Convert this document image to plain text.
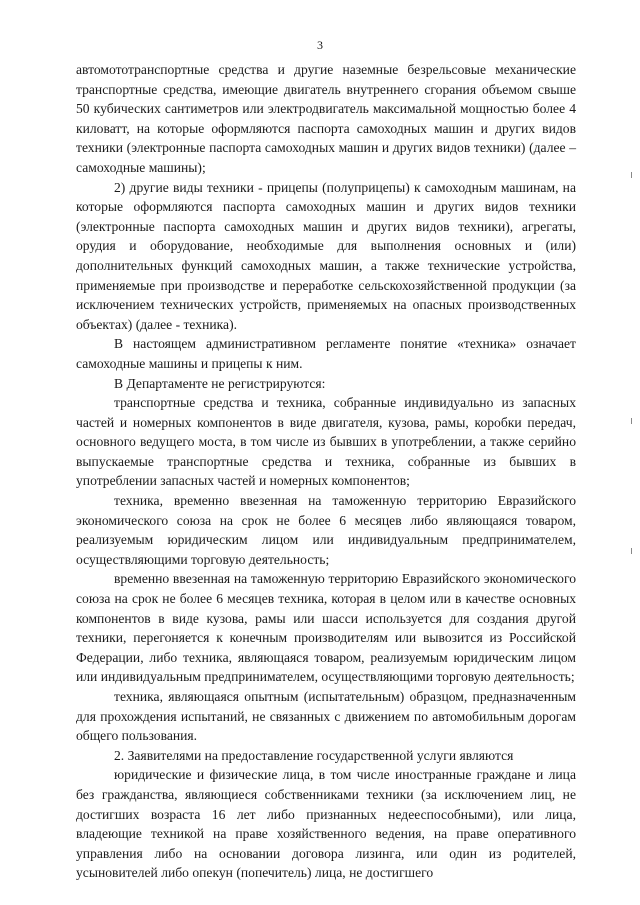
3

автомототранспортные средства и другие наземные безрельсовые механические транспортные средства, имеющие двигатель внутреннего сгорания объемом свыше 50 кубических сантиметров или электродвигатель максимальной мощностью более 4 киловатт, на которые оформляются паспорта самоходных машин и других видов техники (электронные паспорта самоходных машин и других видов техники) (далее – самоходные машины);

2) другие виды техники - прицепы (полуприцепы) к самоходным машинам, на которые оформляются паспорта самоходных машин и других видов техники (электронные паспорта самоходных машин и других видов техники), агрегаты, орудия и оборудование, необходимые для выполнения основных и (или) дополнительных функций самоходных машин, а также технические устройства, применяемые при производстве и переработке сельскохозяйственной продукции (за исключением технических устройств, применяемых на опасных производственных объектах) (далее - техника).

В настоящем административном регламенте понятие «техника» означает самоходные машины и прицепы к ним.

В Департаменте не регистрируются:

транспортные средства и техника, собранные индивидуально из запасных частей и номерных компонентов в виде двигателя, кузова, рамы, коробки передач, основного ведущего моста, в том числе из бывших в употреблении, а также серийно выпускаемые транспортные средства и техника, собранные из бывших в употреблении запасных частей и номерных компонентов;

техника, временно ввезенная на таможенную территорию Евразийского экономического союза на срок не более 6 месяцев либо являющаяся товаром, реализуемым юридическим лицом или индивидуальным предпринимателем, осуществляющими торговую деятельность;

временно ввезенная на таможенную территорию Евразийского экономического союза на срок не более 6 месяцев техника, которая в целом или в качестве основных компонентов в виде кузова, рамы или шасси используется для создания другой техники, перегоняется к конечным производителям или вывозится из Российской Федерации, либо техника, являющаяся товаром, реализуемым юридическим лицом или индивидуальным предпринимателем, осуществляющими торговую деятельность;

техника, являющаяся опытным (испытательным) образцом, предназначенным для прохождения испытаний, не связанных с движением по автомобильным дорогам общего пользования.

2. Заявителями на предоставление государственной услуги являются

юридические и физические лица, в том числе иностранные граждане и лица без гражданства, являющиеся собственниками техники (за исключением лиц, не достигших возраста 16 лет либо признанных недееспособными), или лица, владеющие техникой на праве хозяйственного ведения, на праве оперативного управления либо на основании договора лизинга, или один из родителей, усыновителей либо опекун (попечитель) лица, не достигшего
